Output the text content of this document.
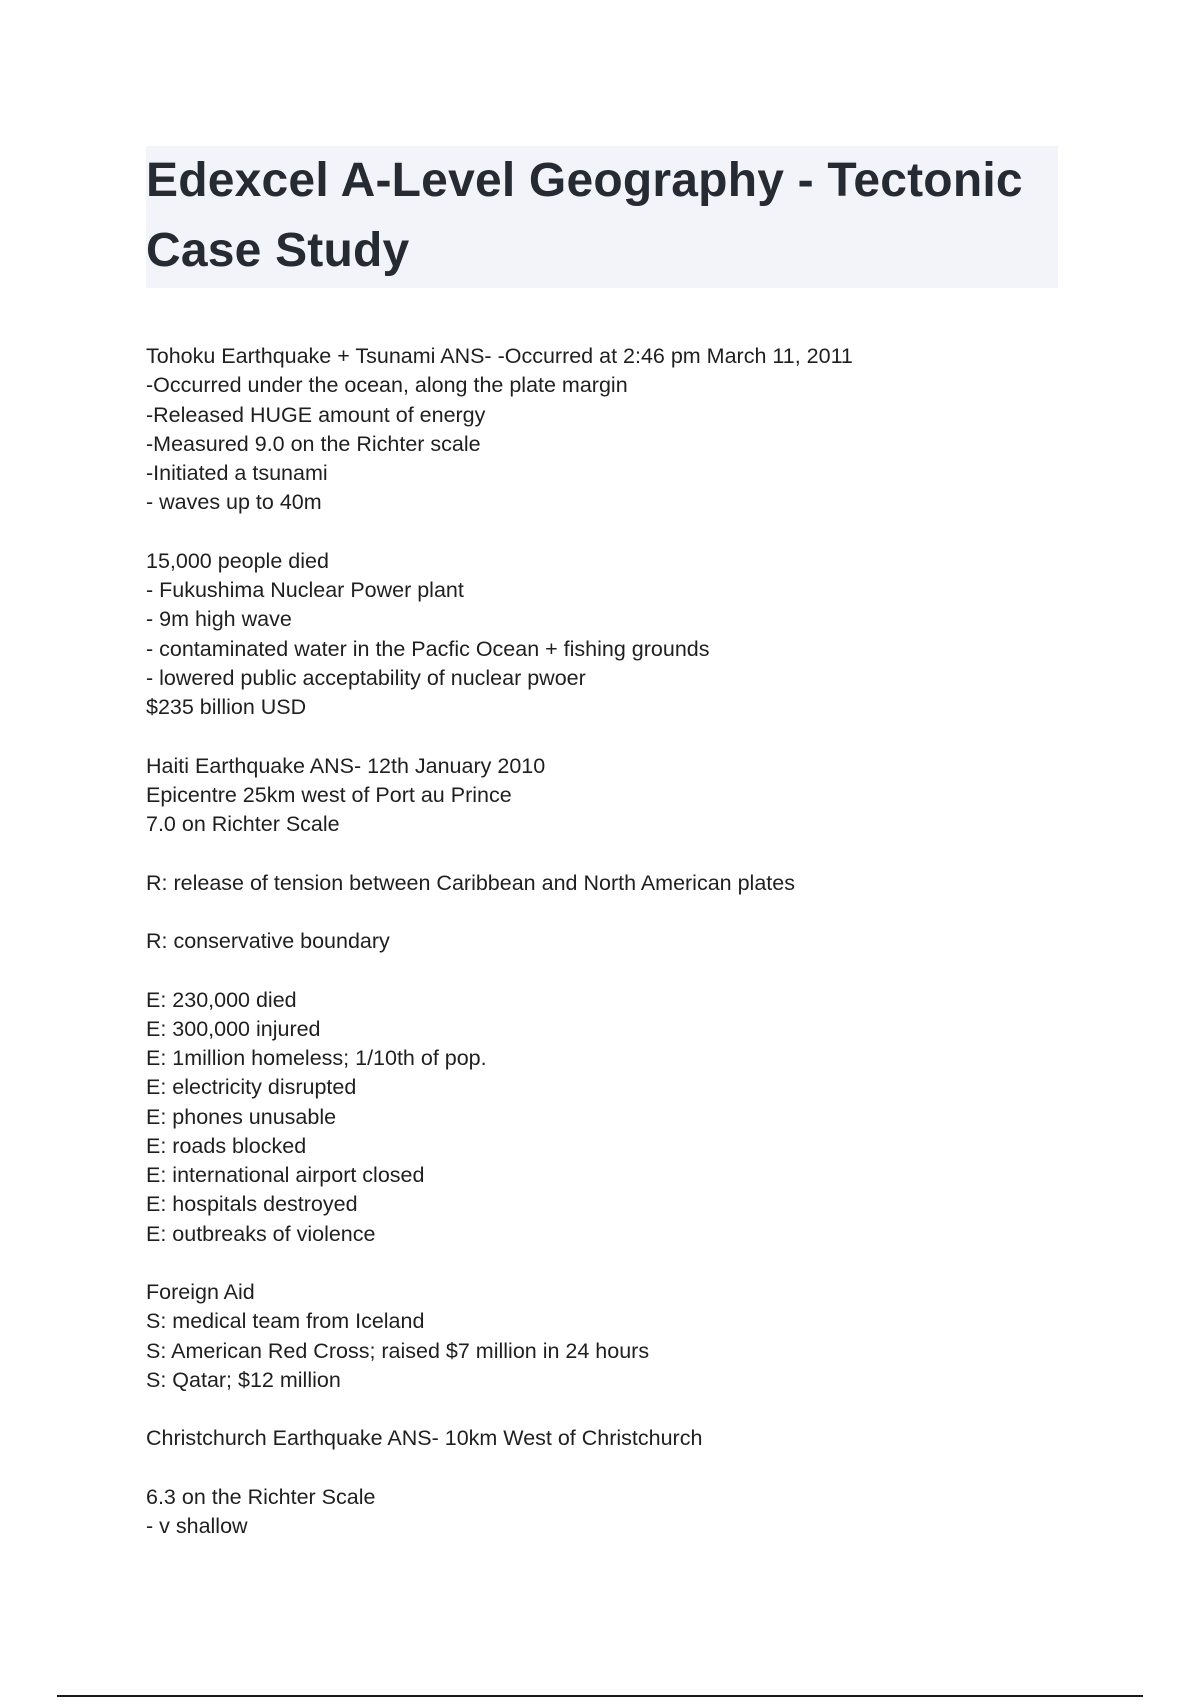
Edexcel A-Level Geography - Tectonic Case Study
Tohoku Earthquake + Tsunami ANS- -Occurred at 2:46 pm March 11, 2011
-Occurred under the ocean, along the plate margin
-Released HUGE amount of energy
-Measured 9.0 on the Richter scale
-Initiated a tsunami
- waves up to 40m
15,000 people died
- Fukushima Nuclear Power plant
- 9m high wave
- contaminated water in the Pacfic Ocean + fishing grounds
- lowered public acceptability of nuclear pwoer
$235 billion USD
Haiti Earthquake ANS- 12th January 2010
Epicentre 25km west of Port au Prince
7.0 on Richter Scale
R: release of tension between Caribbean and North American plates
R: conservative boundary
E: 230,000 died
E: 300,000 injured
E: 1million homeless; 1/10th of pop.
E: electricity disrupted
E: phones unusable
E: roads blocked
E: international airport closed
E: hospitals destroyed
E: outbreaks of violence
Foreign Aid
S: medical team from Iceland
S: American Red Cross; raised $7 million in 24 hours
S: Qatar; $12 million
Christchurch Earthquake ANS- 10km West of Christchurch
6.3 on the Richter Scale
- v shallow
